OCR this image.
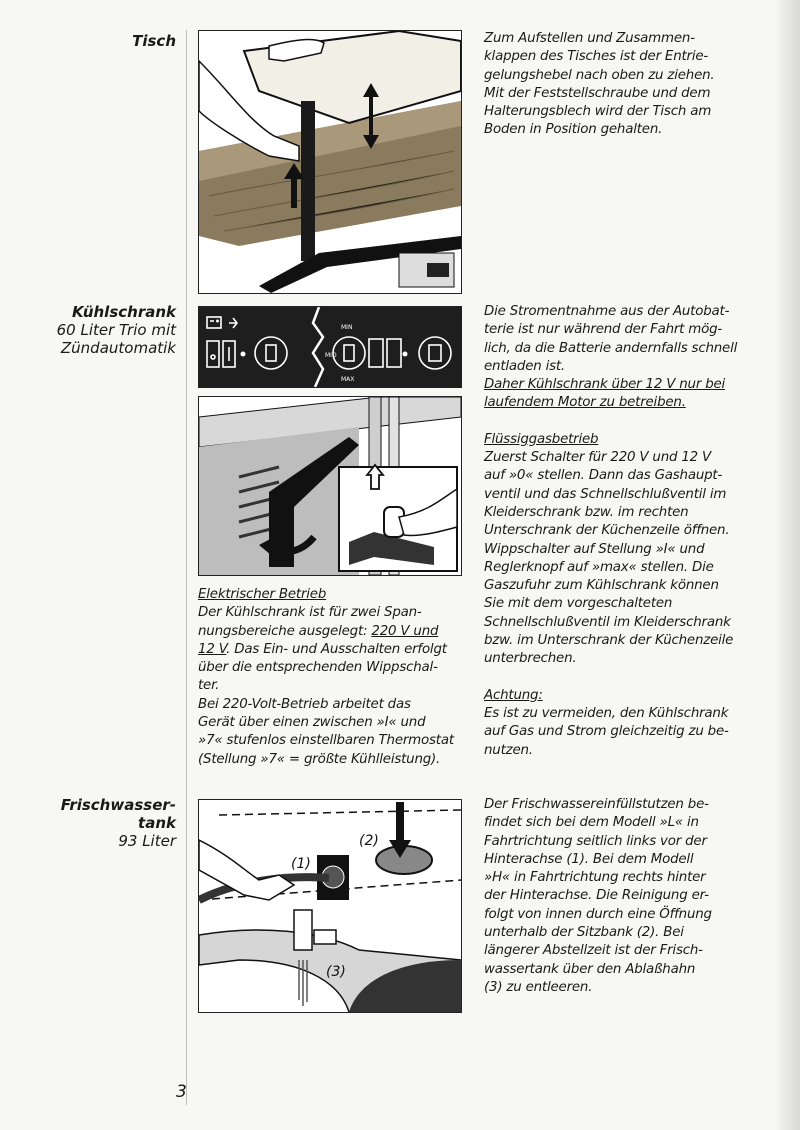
Tisch	Zum Aufstellen und Zusammen-

klappen des Tisches ist der Entrie-

gelungshebel nach oben zu ziehen.

Mit der Feststellschraube und dem

Halterungsblech wird der Tisch am

Boden in Position gehalten.

Kühlschrank
60 Liter Trio mit
Zündautomatik
MIN
MAX
MID

Elektrischer Betrieb

Der Kühlschrank ist für zwei Span-

nungsbereiche ausgelegt: 220 V und

12 V. Das Ein- und Ausschalten erfolgt

über die entsprechenden Wippschal-

ter.

Bei 220-Volt-Betrieb arbeitet das

Gerät über einen zwischen »I« und

»7« stufenlos einstellbaren Thermostat

(Stellung »7« = größte Kühlleistung).

Die Stromentnahme aus der Autobat-

terie ist nur während der Fahrt mög-

lich, da die Batterie andernfalls schnell

entladen ist.

Daher Kühlschrank über 12 V nur bei

laufendem Motor zu betreiben.

Flüssiggasbetrieb

Zuerst Schalter für 220 V und 12 V

auf »0« stellen. Dann das Gashaupt-

ventil und das Schnellschlußventil im

Kleiderschrank bzw. im rechten

Unterschrank der Küchenzeile öffnen.

Wippschalter auf Stellung »I« und

Reglerknopf auf »max« stellen. Die

Gaszufuhr zum Kühlschrank können

Sie mit dem vorgeschalteten

Schnellschlußventil im Kleiderschrank

bzw. im Unterschrank der Küchenzeile

unterbrechen.

Achtung:

Es ist zu vermeiden, den Kühlschrank

auf Gas und Strom gleichzeitig zu be-

nutzen.

Frischwasser-
tank
93 Liter
(1)
(2)
(3)

Der Frischwassereinfüllstutzen be-

findet sich bei dem Modell »L« in

Fahrtrichtung seitlich links vor der

Hinterachse (1). Bei dem Modell

»H« in Fahrtrichtung rechts hinter

der Hinterachse. Die Reinigung er-

folgt von innen durch eine Öffnung

unterhalb der Sitzbank (2). Bei

längerer Abstellzeit ist der Frisch-

wassertank über den Ablaßhahn

(3) zu entleeren.

3
